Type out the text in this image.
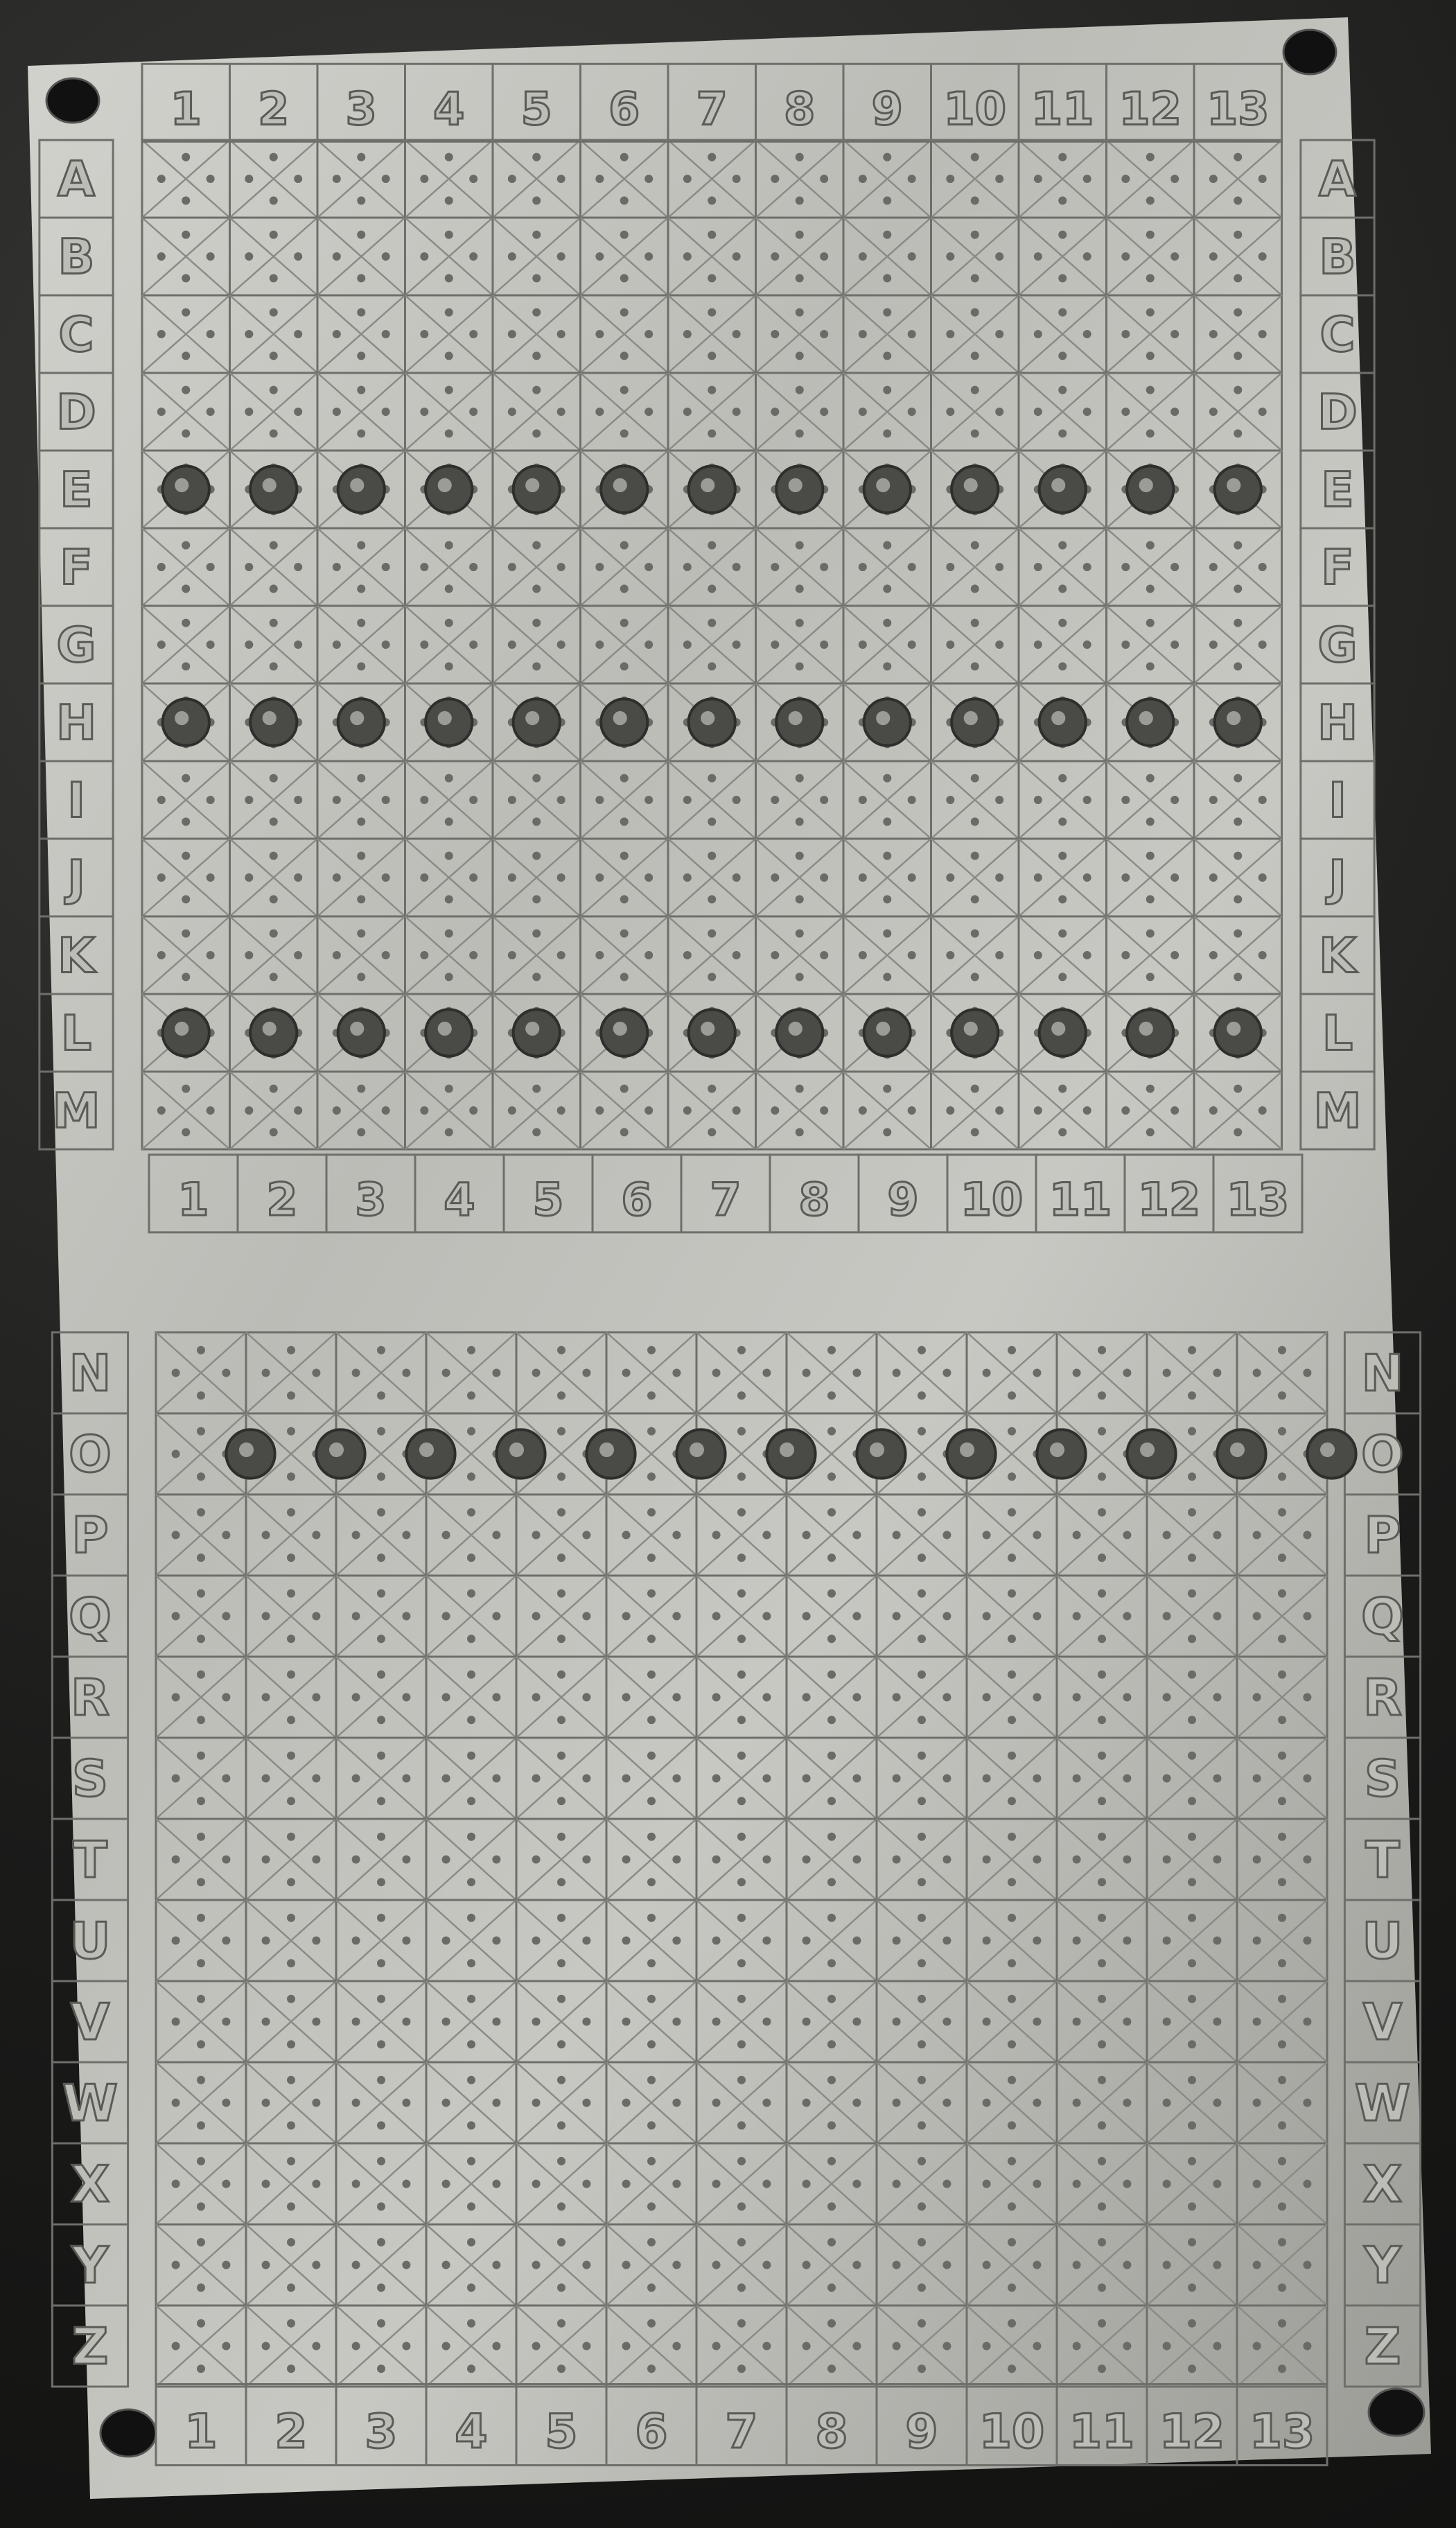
1 2 3 4 5 6 7 8 9 10 11 12 13
A	A
B	B
C	C
D	D
E	E
F	F
G	G
H	H
I	I
J	J
K	K
L	L
M	M
1 2 3 4 5 6 7 8 9 10 11 12 13
N	N
O	O
P	P
Q	Q
R	R
S	S
T	T
U	U
V	V
W	W
X	X
Y	Y
Z	Z
1 2 3 4 5 6 7 8 9 10 11 12 13
